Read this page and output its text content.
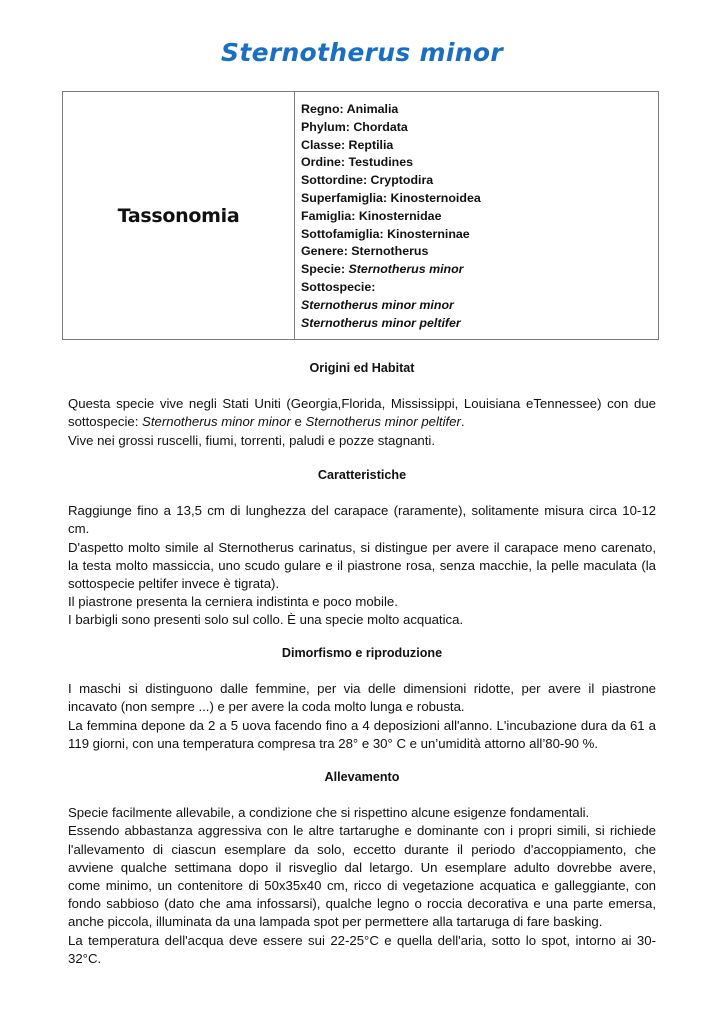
Sternotherus minor
Tassonomia
Regno: Animalia
Phylum: Chordata
Classe: Reptilia
Ordine: Testudines
Sottordine: Cryptodira
Superfamiglia: Kinosternoidea
Famiglia: Kinosternidae
Sottofamiglia: Kinosterninae
Genere: Sternotherus
Specie: Sternotherus minor
Sottospecie:
Sternotherus minor minor
Sternotherus minor peltifer
Origini ed Habitat
Questa specie vive negli Stati Uniti (Georgia,Florida, Mississippi, Louisiana eTennessee) con due
sottospecie: Sternotherus minor minor e Sternotherus minor peltifer.
Vive nei grossi ruscelli, fiumi, torrenti, paludi e pozze stagnanti.
Caratteristiche
Raggiunge fino a 13,5 cm di lunghezza del carapace (raramente), solitamente misura circa 10-12
cm.
D'aspetto molto simile al Sternotherus carinatus, si distingue per avere il carapace meno carenato,
la testa molto massiccia, uno scudo gulare e il piastrone rosa, senza macchie, la pelle maculata (la
sottospecie peltifer invece è tigrata).
Il piastrone presenta la cerniera indistinta e poco mobile.
I barbigli sono presenti solo sul collo. È una specie molto acquatica.
Dimorfismo e riproduzione
I maschi si distinguono dalle femmine, per via delle dimensioni ridotte, per avere il piastrone
incavato (non sempre ...) e per avere la coda molto lunga e robusta.
La femmina depone da 2 a 5 uova facendo fino a 4 deposizioni all'anno. L'incubazione dura da 61 a
119 giorni, con una temperatura compresa tra 28° e 30° C e un’umidità attorno all’80-90 %.
Allevamento
Specie facilmente allevabile, a condizione che si rispettino alcune esigenze fondamentali.
Essendo abbastanza aggressiva con le altre tartarughe e dominante con i propri simili, si richiede
l'allevamento di ciascun esemplare da solo, eccetto durante il periodo d'accoppiamento, che
avviene qualche settimana dopo il risveglio dal letargo. Un esemplare adulto dovrebbe avere,
come minimo, un contenitore di 50x35x40 cm, ricco di vegetazione acquatica e galleggiante, con
fondo sabbioso (dato che ama infossarsi), qualche legno o roccia decorativa e una parte emersa,
anche piccola, illuminata da una lampada spot per permettere alla tartaruga di fare basking.
La temperatura dell'acqua deve essere sui 22-25°C e quella dell'aria, sotto lo spot, intorno ai 30-
32°C.
